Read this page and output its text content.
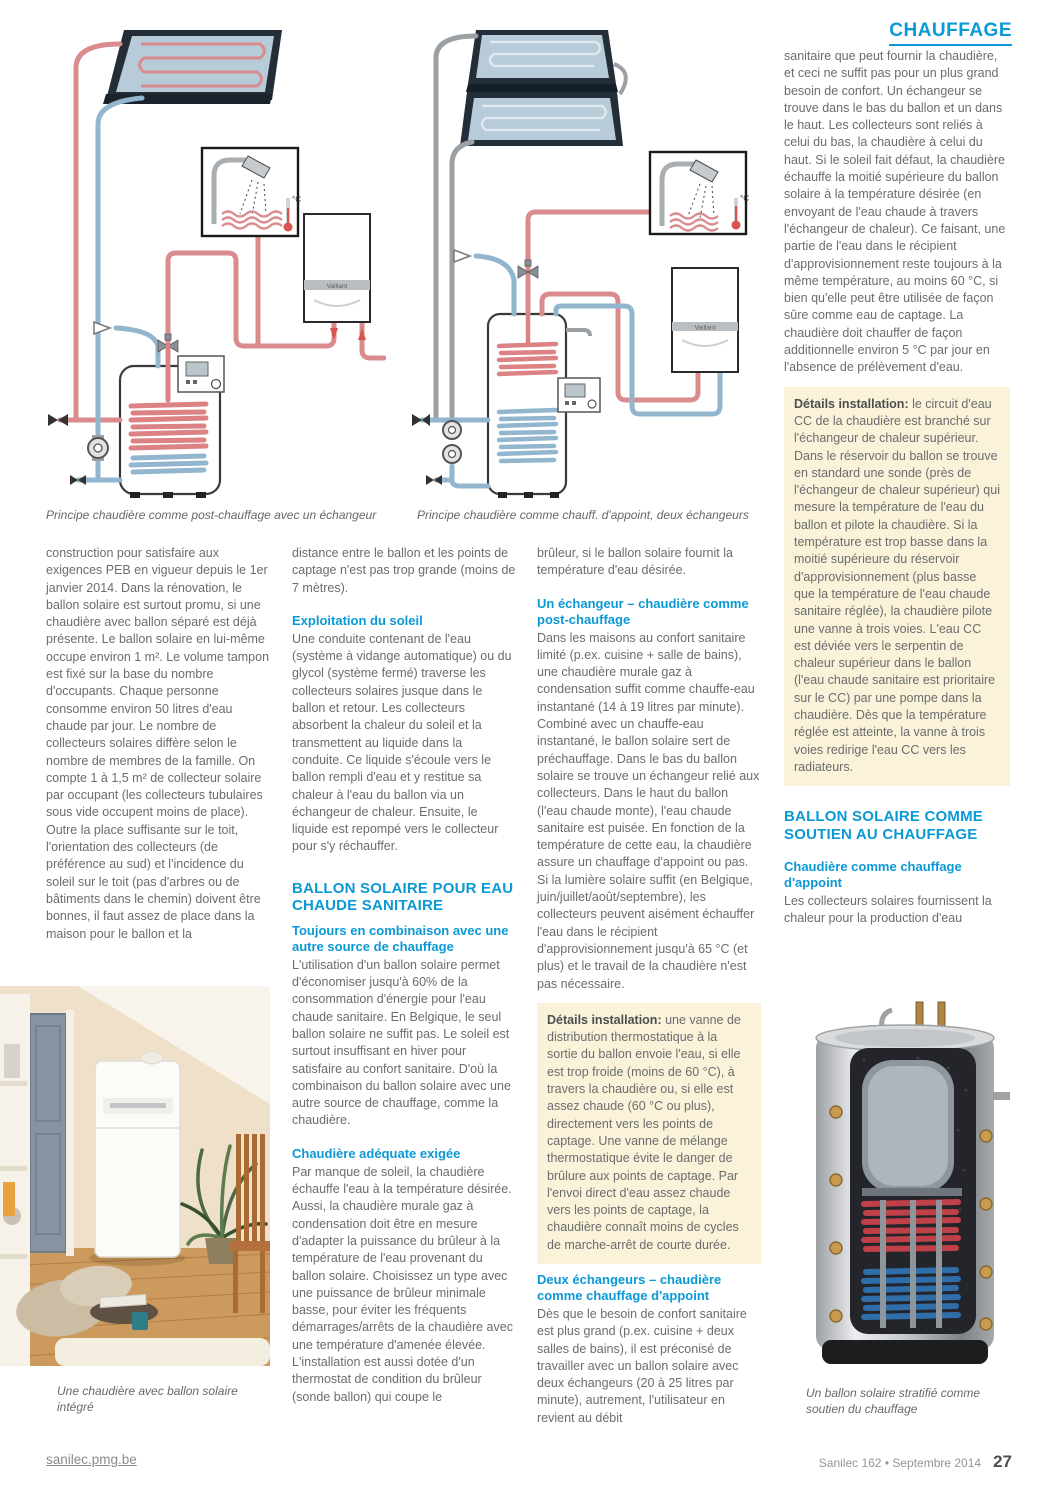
CHAUFFAGE
°C
Vaillant
°C
Vaillant
Principe chaudière comme post-chauffage avec un échangeur	Principe chaudière comme chauff. d'appoint, deux échangeurs

construction pour satisfaire aux exigences PEB en vigueur depuis le 1er janvier 2014. Dans la rénovation, le ballon solaire est surtout promu, si une chaudière avec ballon séparé est déjà présente. Le ballon solaire en lui-même occupe environ 1 m². Le volume tampon est fixé sur la base du nombre d'occupants. Chaque personne consomme environ 50 litres d'eau chaude par jour. Le nombre de collecteurs solaires diffère selon le nombre de membres de la famille. On compte 1 à 1,5 m² de collecteur solaire par occupant (les collecteurs tubulaires sous vide occupent moins de place). Outre la place suffisante sur le toit, l'orientation des collecteurs (de préférence au sud) et l'incidence du soleil sur le toit (pas d'arbres ou de bâtiments dans le chemin) doivent être bonnes, il faut assez de place dans la maison pour le ballon et la

distance entre le ballon et les points de captage n'est pas trop grande (moins de 7 mètres).

Exploitation du soleil

Une conduite contenant de l'eau (système à vidange automatique) ou du glycol (système fermé) traverse les collecteurs solaires jusque dans le ballon et retour. Les collecteurs absorbent la chaleur du soleil et la transmettent au liquide dans la conduite. Ce liquide s'écoule vers le ballon rempli d'eau et y restitue sa chaleur à l'eau du ballon via un échangeur de chaleur. Ensuite, le liquide est repompé vers le collecteur pour s'y réchauffer.

BALLON SOLAIRE POUR EAU CHAUDE SANITAIRE
Toujours en combinaison avec une autre source de chauffage

L'utilisation d'un ballon solaire permet d'économiser jusqu'à 60% de la consommation d'énergie pour l'eau chaude sanitaire. En Belgique, le seul ballon solaire ne suffit pas. Le soleil est surtout insuffisant en hiver pour satisfaire au confort sanitaire. D'où la combinaison du ballon solaire avec une autre source de chauffage, comme la chaudière.

Chaudière adéquate exigée

Par manque de soleil, la chaudière échauffe l'eau à la température désirée. Aussi, la chaudière murale gaz à condensation doit être en mesure d'adapter la puissance du brûleur à la température de l'eau provenant du ballon solaire. Choisissez un type avec une puissance de brûleur minimale basse, pour éviter les fréquents démarrages/arrêts de la chaudière avec une température d'amenée élevée. L'installation est aussi dotée d'un thermostat de condition du brûleur (sonde ballon) qui coupe le

brûleur, si le ballon solaire fournit la température d'eau désirée.

Un échangeur – chaudière comme post-chauffage

Dans les maisons au confort sanitaire limité (p.ex. cuisine + salle de bains), une chaudière murale gaz à condensation suffit comme chauffe-eau instantané (14 à 19 litres par minute). Combiné avec un chauffe-eau instantané, le ballon solaire sert de préchauffage. Dans le bas du ballon solaire se trouve un échangeur relié aux collecteurs. Dans le haut du ballon (l'eau chaude monte), l'eau chaude sanitaire est puisée. En fonction de la température de cette eau, la chaudière assure un chauffage d'appoint ou pas. Si la lumière solaire suffit (en Belgique, juin/juillet/août/septembre), les collecteurs peuvent aisément échauffer l'eau dans le récipient d'approvisionnement jusqu'à 65 °C (et plus) et le travail de la chaudière n'est pas nécessaire.

Détails installation: une vanne de distribution thermostatique à la sortie du ballon envoie l'eau, si elle est trop froide (moins de 60 °C), à travers la chaudière ou, si elle est assez chaude (60 °C ou plus), directement vers les points de captage. Une vanne de mélange thermostatique évite le danger de brûlure aux points de captage. Par l'envoi direct d'eau assez chaude vers les points de captage, la chaudière connaît moins de cycles de marche-arrêt de courte durée.
Deux échangeurs – chaudière comme chauffage d'appoint

Dès que le besoin de confort sanitaire est plus grand (p.ex. cuisine + deux salles de bains), il est préconisé de travailler avec un ballon solaire avec deux échangeurs (20 à 25 litres par minute), autrement, l'utilisateur en revient au débit

sanitaire que peut fournir la chaudière, et ceci ne suffit pas pour un plus grand besoin de confort. Un échangeur se trouve dans le bas du ballon et un dans le haut. Les collecteurs sont reliés à celui du bas, la chaudière à celui du haut. Si le soleil fait défaut, la chaudière échauffe la moitié supérieure du ballon solaire à la température désirée (en envoyant de l'eau chaude à travers l'échangeur de chaleur). Ce faisant, une partie de l'eau dans le récipient d'approvisionnement reste toujours à la même température, au moins 60 °C, si bien qu'elle peut être utilisée de façon sûre comme eau de captage. La chaudière doit chauffer de façon additionnelle environ 5 °C par jour en l'absence de prélèvement d'eau.

Détails installation: le circuit d'eau CC de la chaudière est branché sur l'échangeur de chaleur supérieur. Dans le réservoir du ballon se trouve en standard une sonde (près de l'échangeur de chaleur supérieur) qui mesure la température de l'eau du ballon et pilote la chaudière. Si la température est trop basse dans la moitié supérieure du réservoir d'approvisionnement (plus basse que la température de l'eau chaude sanitaire réglée), la chaudière pilote une vanne à trois voies. L'eau CC est déviée vers le serpentin de chaleur supérieur dans le ballon (l'eau chaude sanitaire est prioritaire sur le CC) par une pompe dans la chaudière. Dès que la température réglée est atteinte, la vanne à trois voies redirige l'eau CC vers les radiateurs.
BALLON SOLAIRE COMME SOUTIEN AU CHAUFFAGE
Chaudière comme chauffage d'appoint

Les collecteurs solaires fournissent la chaleur pour la production d'eau

Une chaudière avec ballon solaire intégré
Un ballon solaire stratifié comme soutien du chauffage
sanilec.pmg.be	Sanilec 162 • Septembre 2014 27
